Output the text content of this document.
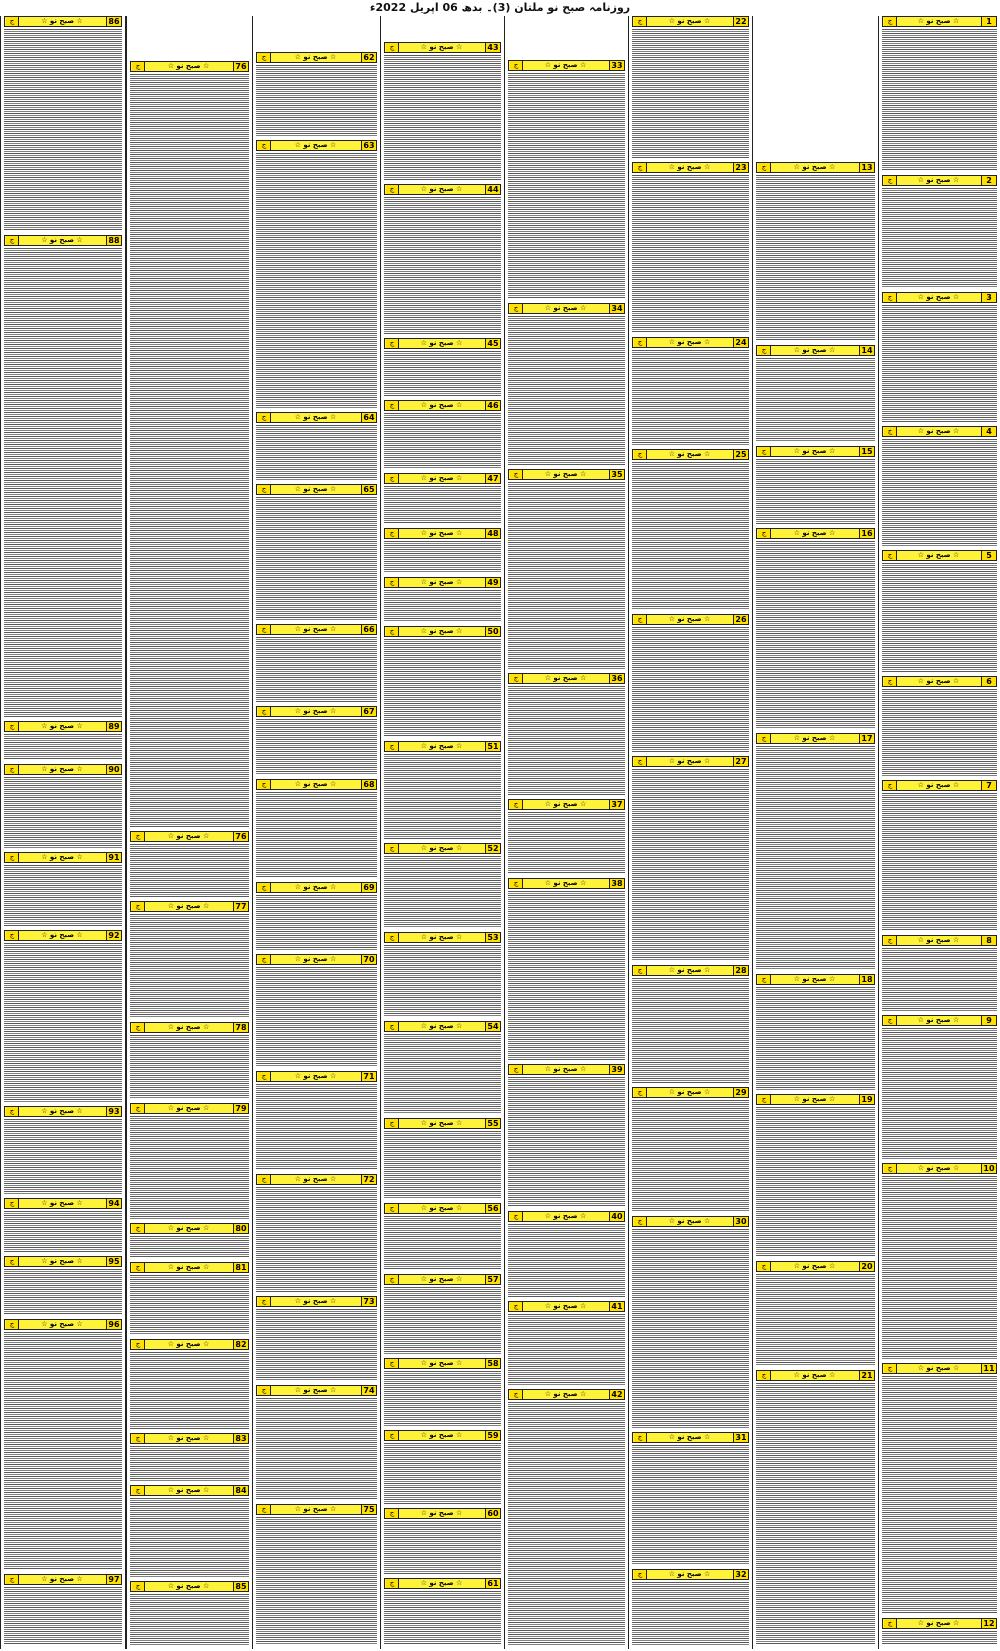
روزنامہ صبح نو ملتان (3)۔ بدھ 06 اپریل 2022ء
1
☆ صبح نو ☆
ج
2
☆ صبح نو ☆
ج
3
☆ صبح نو ☆
ج
4
☆ صبح نو ☆
ج
5
☆ صبح نو ☆
ج
6
☆ صبح نو ☆
ج
7
☆ صبح نو ☆
ج
8
☆ صبح نو ☆
ج
9
☆ صبح نو ☆
ج
10
☆ صبح نو ☆
ج
11
☆ صبح نو ☆
ج
12
☆ صبح نو ☆
ج
13
☆ صبح نو ☆
ج
14
☆ صبح نو ☆
ج
15
☆ صبح نو ☆
ج
16
☆ صبح نو ☆
ج
17
☆ صبح نو ☆
ج
18
☆ صبح نو ☆
ج
19
☆ صبح نو ☆
ج
20
☆ صبح نو ☆
ج
21
☆ صبح نو ☆
ج
22
☆ صبح نو ☆
ج
23
☆ صبح نو ☆
ج
24
☆ صبح نو ☆
ج
25
☆ صبح نو ☆
ج
26
☆ صبح نو ☆
ج
27
☆ صبح نو ☆
ج
28
☆ صبح نو ☆
ج
29
☆ صبح نو ☆
ج
30
☆ صبح نو ☆
ج
31
☆ صبح نو ☆
ج
32
☆ صبح نو ☆
ج
33
☆ صبح نو ☆
ج
34
☆ صبح نو ☆
ج
35
☆ صبح نو ☆
ج
36
☆ صبح نو ☆
ج
37
☆ صبح نو ☆
ج
38
☆ صبح نو ☆
ج
39
☆ صبح نو ☆
ج
40
☆ صبح نو ☆
ج
41
☆ صبح نو ☆
ج
42
☆ صبح نو ☆
ج
43
☆ صبح نو ☆
ج
44
☆ صبح نو ☆
ج
45
☆ صبح نو ☆
ج
46
☆ صبح نو ☆
ج
47
☆ صبح نو ☆
ج
48
☆ صبح نو ☆
ج
49
☆ صبح نو ☆
ج
50
☆ صبح نو ☆
ج
51
☆ صبح نو ☆
ج
52
☆ صبح نو ☆
ج
53
☆ صبح نو ☆
ج
54
☆ صبح نو ☆
ج
55
☆ صبح نو ☆
ج
56
☆ صبح نو ☆
ج
57
☆ صبح نو ☆
ج
58
☆ صبح نو ☆
ج
59
☆ صبح نو ☆
ج
60
☆ صبح نو ☆
ج
61
☆ صبح نو ☆
ج
62
☆ صبح نو ☆
ج
63
☆ صبح نو ☆
ج
64
☆ صبح نو ☆
ج
65
☆ صبح نو ☆
ج
66
☆ صبح نو ☆
ج
67
☆ صبح نو ☆
ج
68
☆ صبح نو ☆
ج
69
☆ صبح نو ☆
ج
70
☆ صبح نو ☆
ج
71
☆ صبح نو ☆
ج
72
☆ صبح نو ☆
ج
73
☆ صبح نو ☆
ج
74
☆ صبح نو ☆
ج
75
☆ صبح نو ☆
ج
76
☆ صبح نو ☆
ج
76
☆ صبح نو ☆
ج
77
☆ صبح نو ☆
ج
78
☆ صبح نو ☆
ج
79
☆ صبح نو ☆
ج
80
☆ صبح نو ☆
ج
81
☆ صبح نو ☆
ج
82
☆ صبح نو ☆
ج
83
☆ صبح نو ☆
ج
84
☆ صبح نو ☆
ج
85
☆ صبح نو ☆
ج
86
☆ صبح نو ☆
ج
88
☆ صبح نو ☆
ج
89
☆ صبح نو ☆
ج
90
☆ صبح نو ☆
ج
91
☆ صبح نو ☆
ج
92
☆ صبح نو ☆
ج
93
☆ صبح نو ☆
ج
94
☆ صبح نو ☆
ج
95
☆ صبح نو ☆
ج
96
☆ صبح نو ☆
ج
97
☆ صبح نو ☆
ج
